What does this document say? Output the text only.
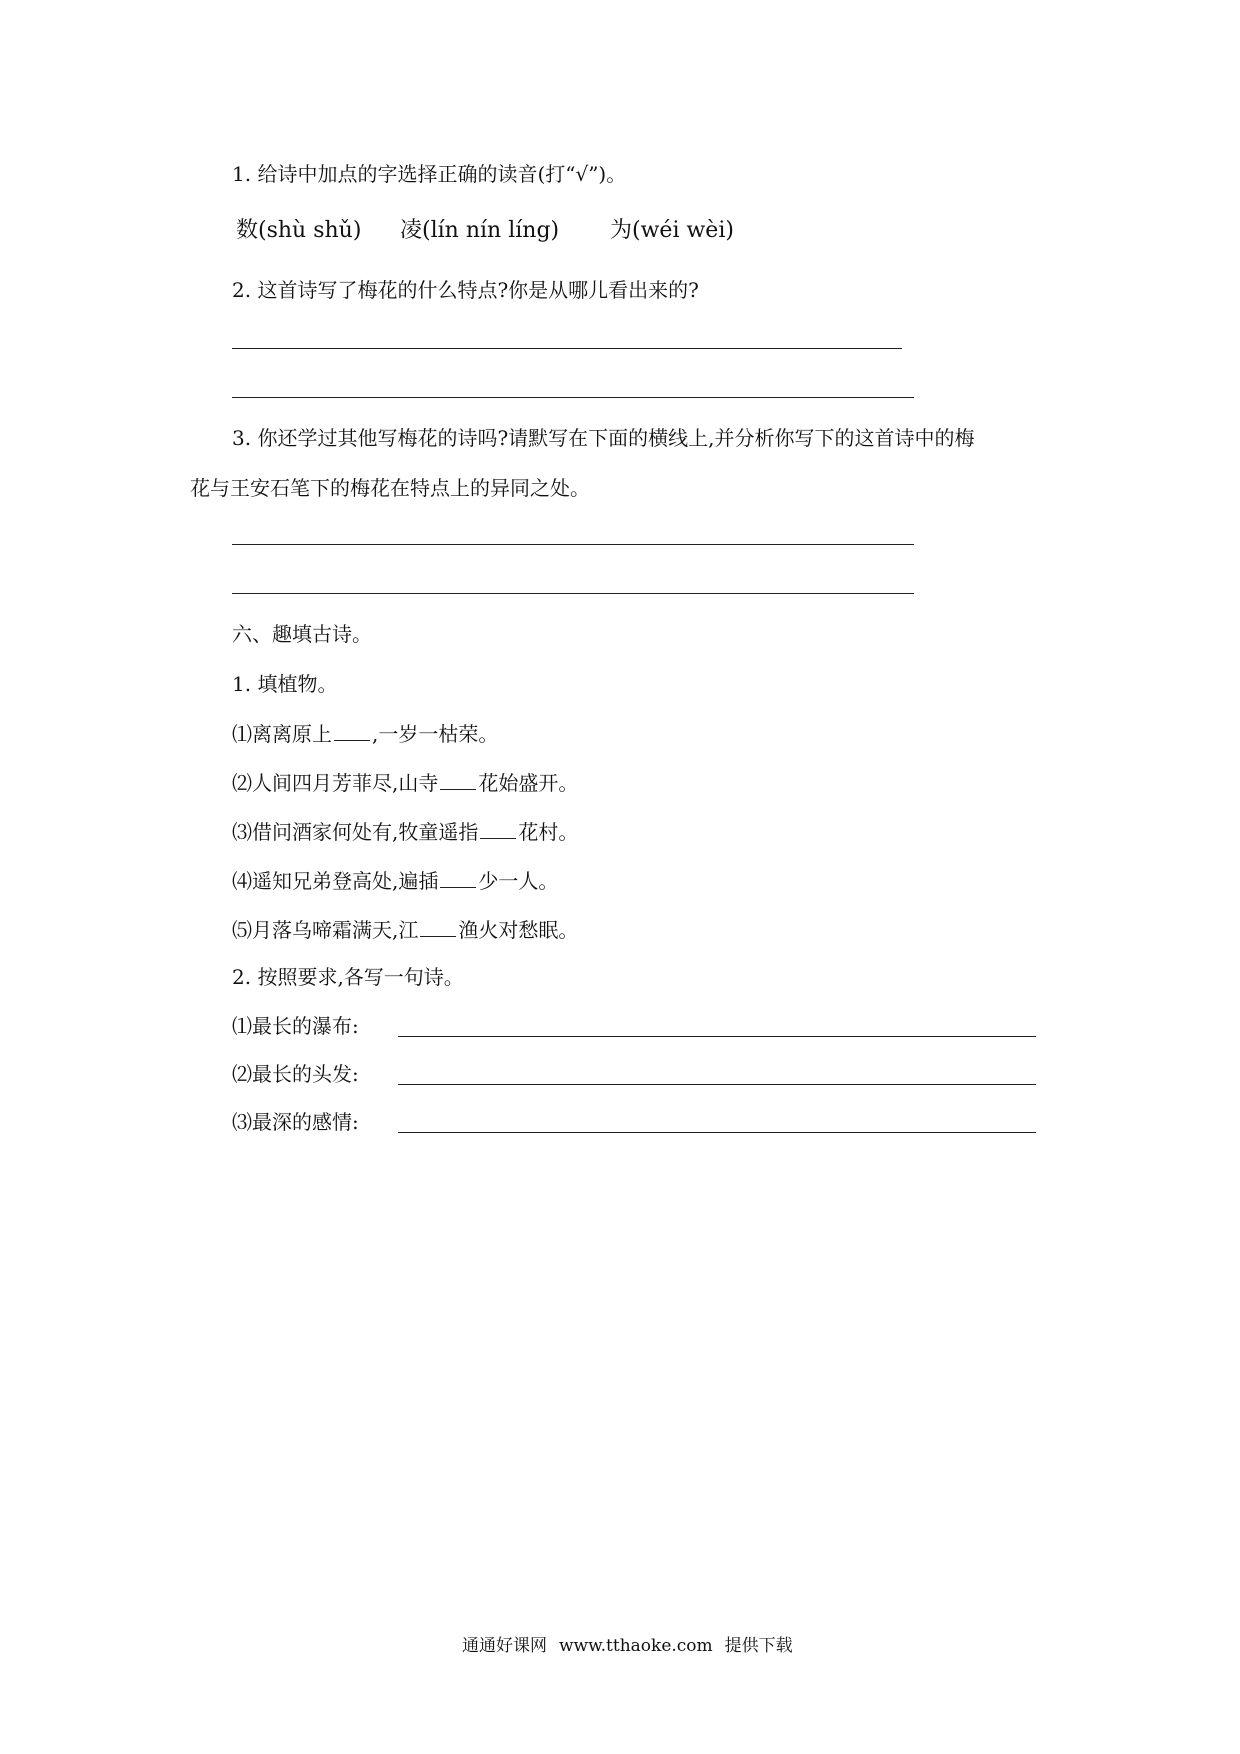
1. 给诗中加点的字选择正确的读音(打“√”)。
数(shù shǔ) 凌(lín nín líng) 为(wéi wèi)
2. 这首诗写了梅花的什么特点?你是从哪儿看出来的?
3. 你还学过其他写梅花的诗吗?请默写在下面的横线上,并分析你写下的这首诗中的梅
花与王安石笔下的梅花在特点上的异同之处。
六、趣填古诗。
1. 填植物。
⑴离离原上 ,一岁一枯荣。
⑵人间四月芳菲尽,山寺 花始盛开。
⑶借问酒家何处有,牧童遥指 花村。
⑷遥知兄弟登高处,遍插 少一人。
⑸月落乌啼霜满天,江 渔火对愁眠。
2. 按照要求,各写一句诗。
⑴最长的瀑布:
⑵最长的头发:
⑶最深的感情:
通通好课网 www.tthaoke.com 提供下载
